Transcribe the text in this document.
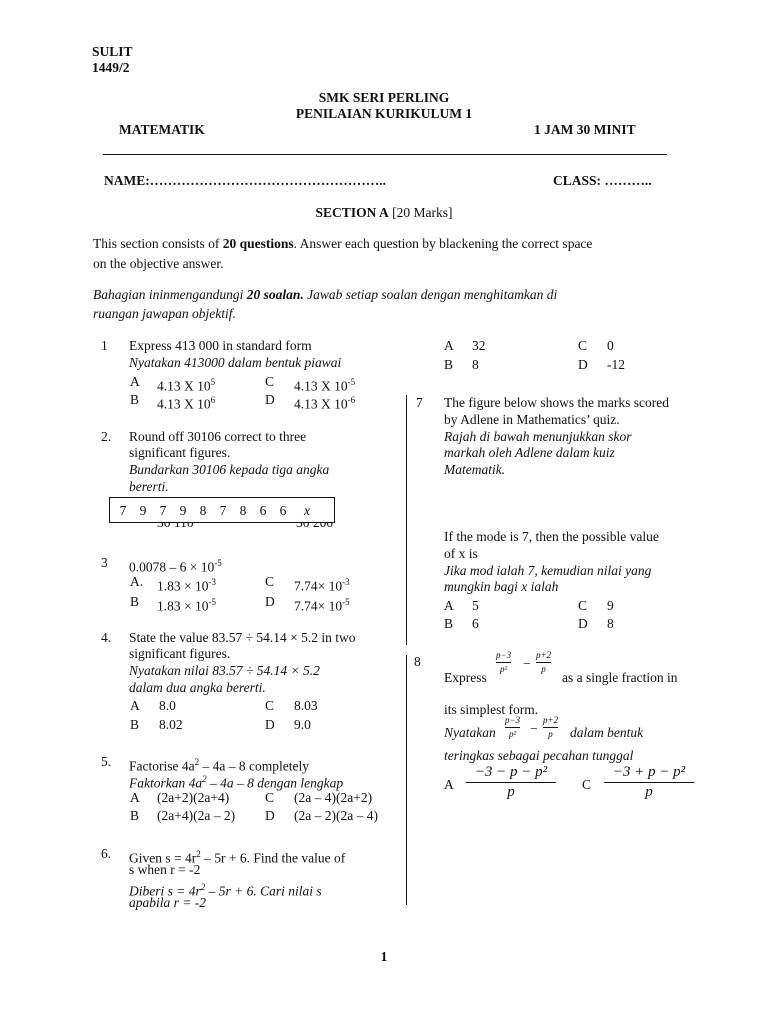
SULIT
1449/2
SMK SERI PERLING
PENILAIAN KURIKULUM 1
MATEMATIK	1 JAM 30 MINIT
NAME:……………………………………………..	CLASS: ………..
SECTION A [20 Marks]
This section consists of 20 questions. Answer each question by blackening the correct space
on the objective answer.
Bahagian ininmengandungi 20 soalan. Jawab setiap soalan dengan menghitamkan di
ruangan jawapan objektif.
1 Express 413 000 in standard form
Nyatakan 413000 dalam bentuk piawai
A 4.13 X $10^5$	C 4.13 X $10^{-5}$
B 4.13 X $10^6$	D 4.13 X $10^{-6}$
2. Round off 30106 correct to three
significant figures.
Bundarkan 30106 kepada tiga angka
bererti.
7 9 7 9 8 7 8 6 6 x
3 $0.0078 - 6 \times 10^{-5}$
A. $1.83 \times 10^{-3}$	C $7.74\times 10^{-3}$
B $1.83 \times 10^{-5}$	D $7.74\times 10^{-5}$
4. State the value 83.57 ÷ 54.14 × 5.2 in two
significant figures.
Nyatakan nilai 83.57 ÷ 54.14 × 5.2
dalam dua angka bererti.
A 8.0	C 8.03
B 8.02	D 9.0
5. Factorise $4a^2 - 4a - 8$ completely
Faktorkan $4a^2 - 4a - 8$ dengan lengkap
A (2a+2)(2a+4)	C (2a – 4)(2a+2)
B (2a+4)(2a – 2) D (2a – 2)(2a – 4)
6. Given $s = 4r^2 - 5r + 6$. Find the value of
s when r = -2
Diberi $s = 4r^2 - 5r + 6$. Cari nilai s
apabila r = -2
A 32	C 0
B 8	D -12
7 The figure below shows the marks scored
by Adlene in Mathematics’ quiz.
Rajah di bawah menunjukkan skor
markah oleh Adlene dalam kuiz
Matematik.
If the mode is 7, then the possible value
of x is
Jika mod ialah 7, kemudian nilai yang
mungkin bagi x ialah
A 5	C 9
B 6	D 8
8
Express
p−3
p² −
p+2
p
as a single fraction in
its simplest form.
Nyatakan
p−3
p² −
p+2
p dalam bentuk
teringkas sebagai pecahan tunggal
A
−3 − p − p²
p	C
−3 + p − p²
p
1
